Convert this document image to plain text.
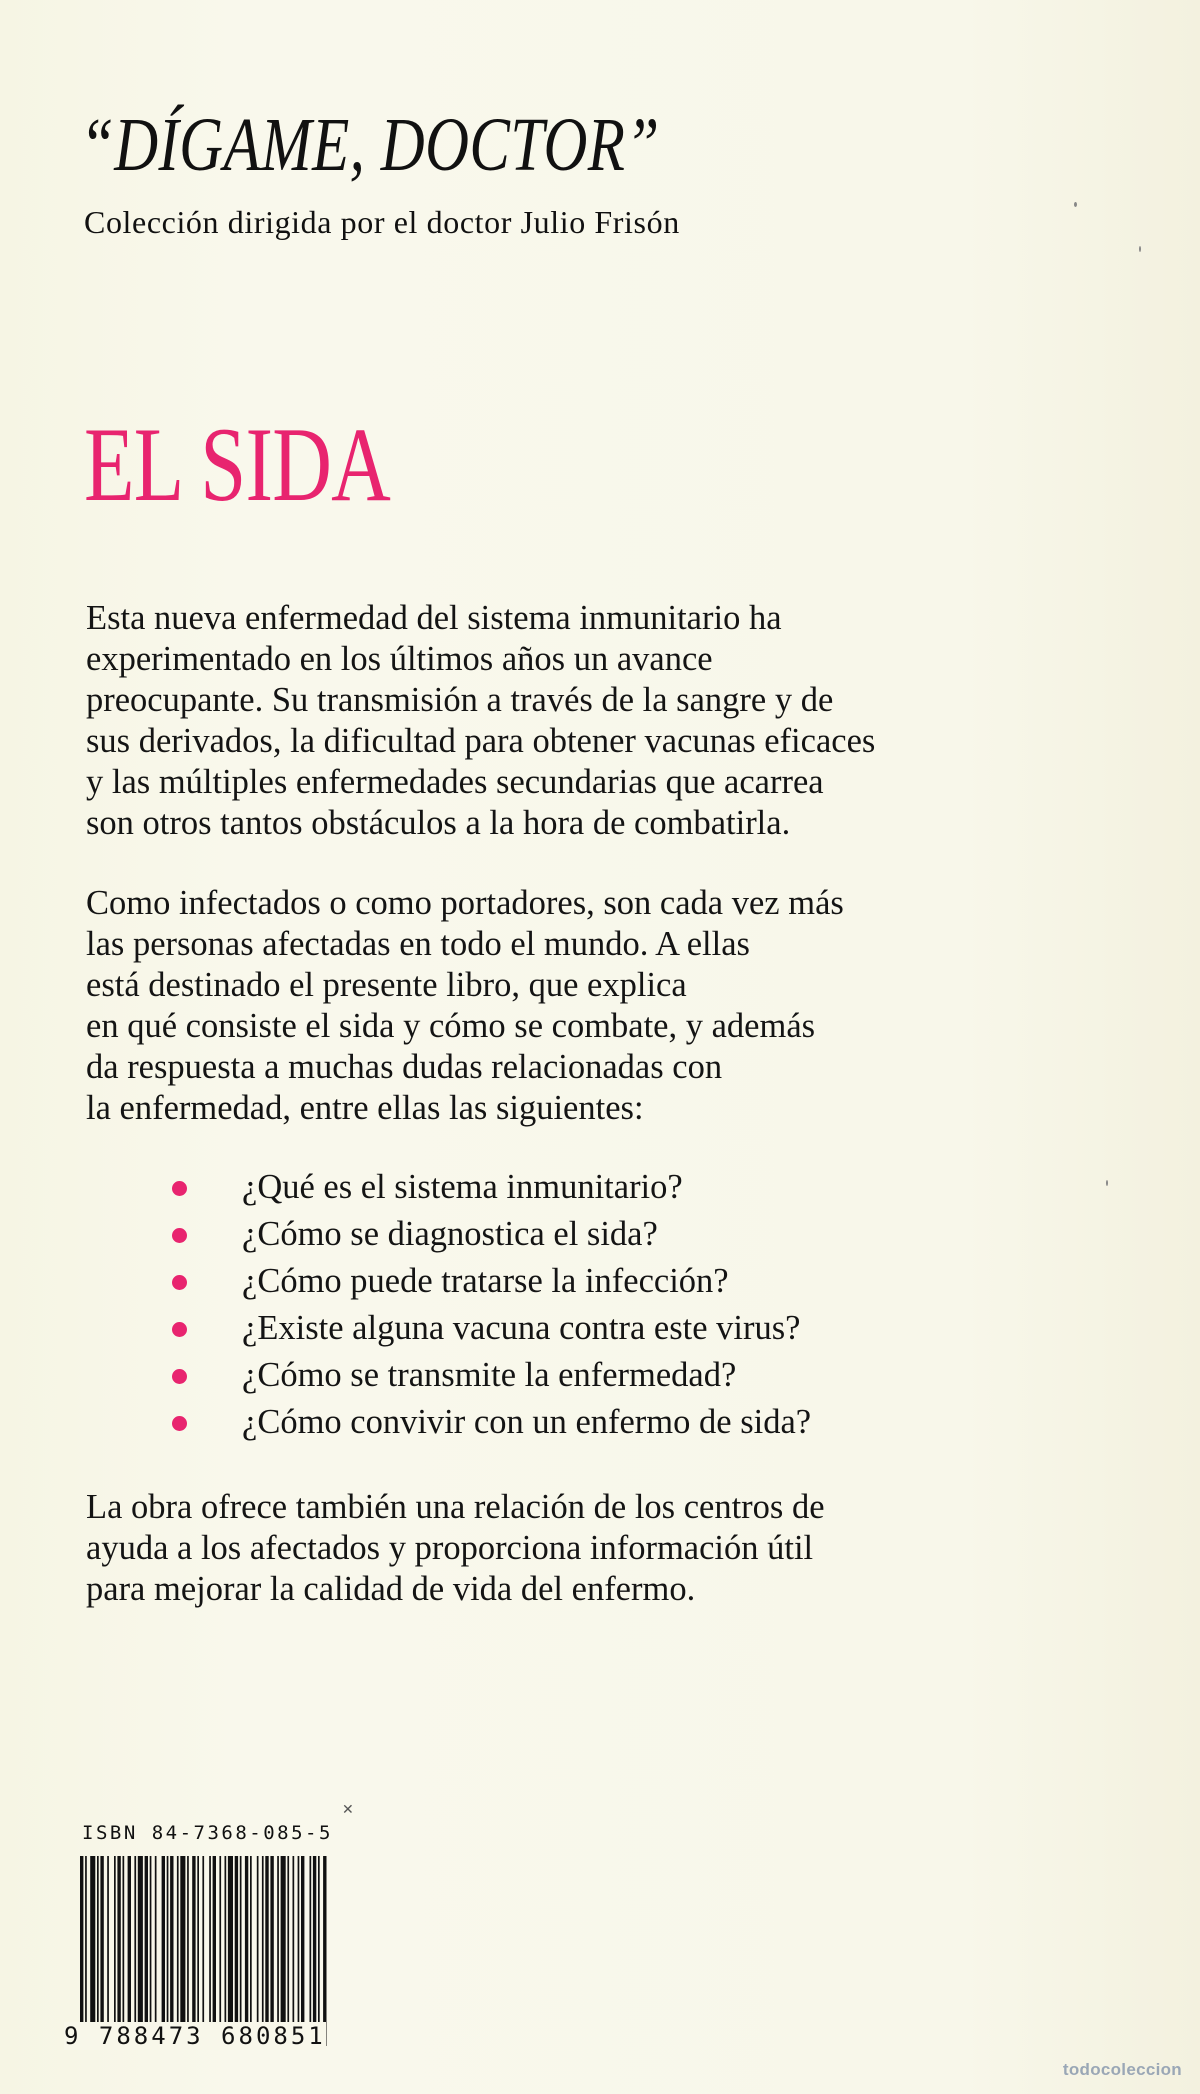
“DÍGAME, DOCTOR”

Colección dirigida por el doctor Julio Frisón

EL SIDA

Esta nueva enfermedad del sistema inmunitario ha
experimentado en los últimos años un avance
preocupante. Su transmisión a través de la sangre y de
sus derivados, la dificultad para obtener vacunas eficaces
y las múltiples enfermedades secundarias que acarrea
son otros tantos obstáculos a la hora de combatirla.

Como infectados o como portadores, son cada vez más
las personas afectadas en todo el mundo. A ellas
está destinado el presente libro, que explica
en qué consiste el sida y cómo se combate, y además
da respuesta a muchas dudas relacionadas con
la enfermedad, entre ellas las siguientes:

¿Qué es el sistema inmunitario?
¿Cómo se diagnostica el sida?
¿Cómo puede tratarse la infección?
¿Existe alguna vacuna contra este virus?
¿Cómo se transmite la enfermedad?
¿Cómo convivir con un enfermo de sida?

La obra ofrece también una relación de los centros de
ayuda a los afectados y proporciona información útil
para mejorar la calidad de vida del enfermo.

✕
ISBN 84-7368-085-5
9 788473 680851
todocoleccion
